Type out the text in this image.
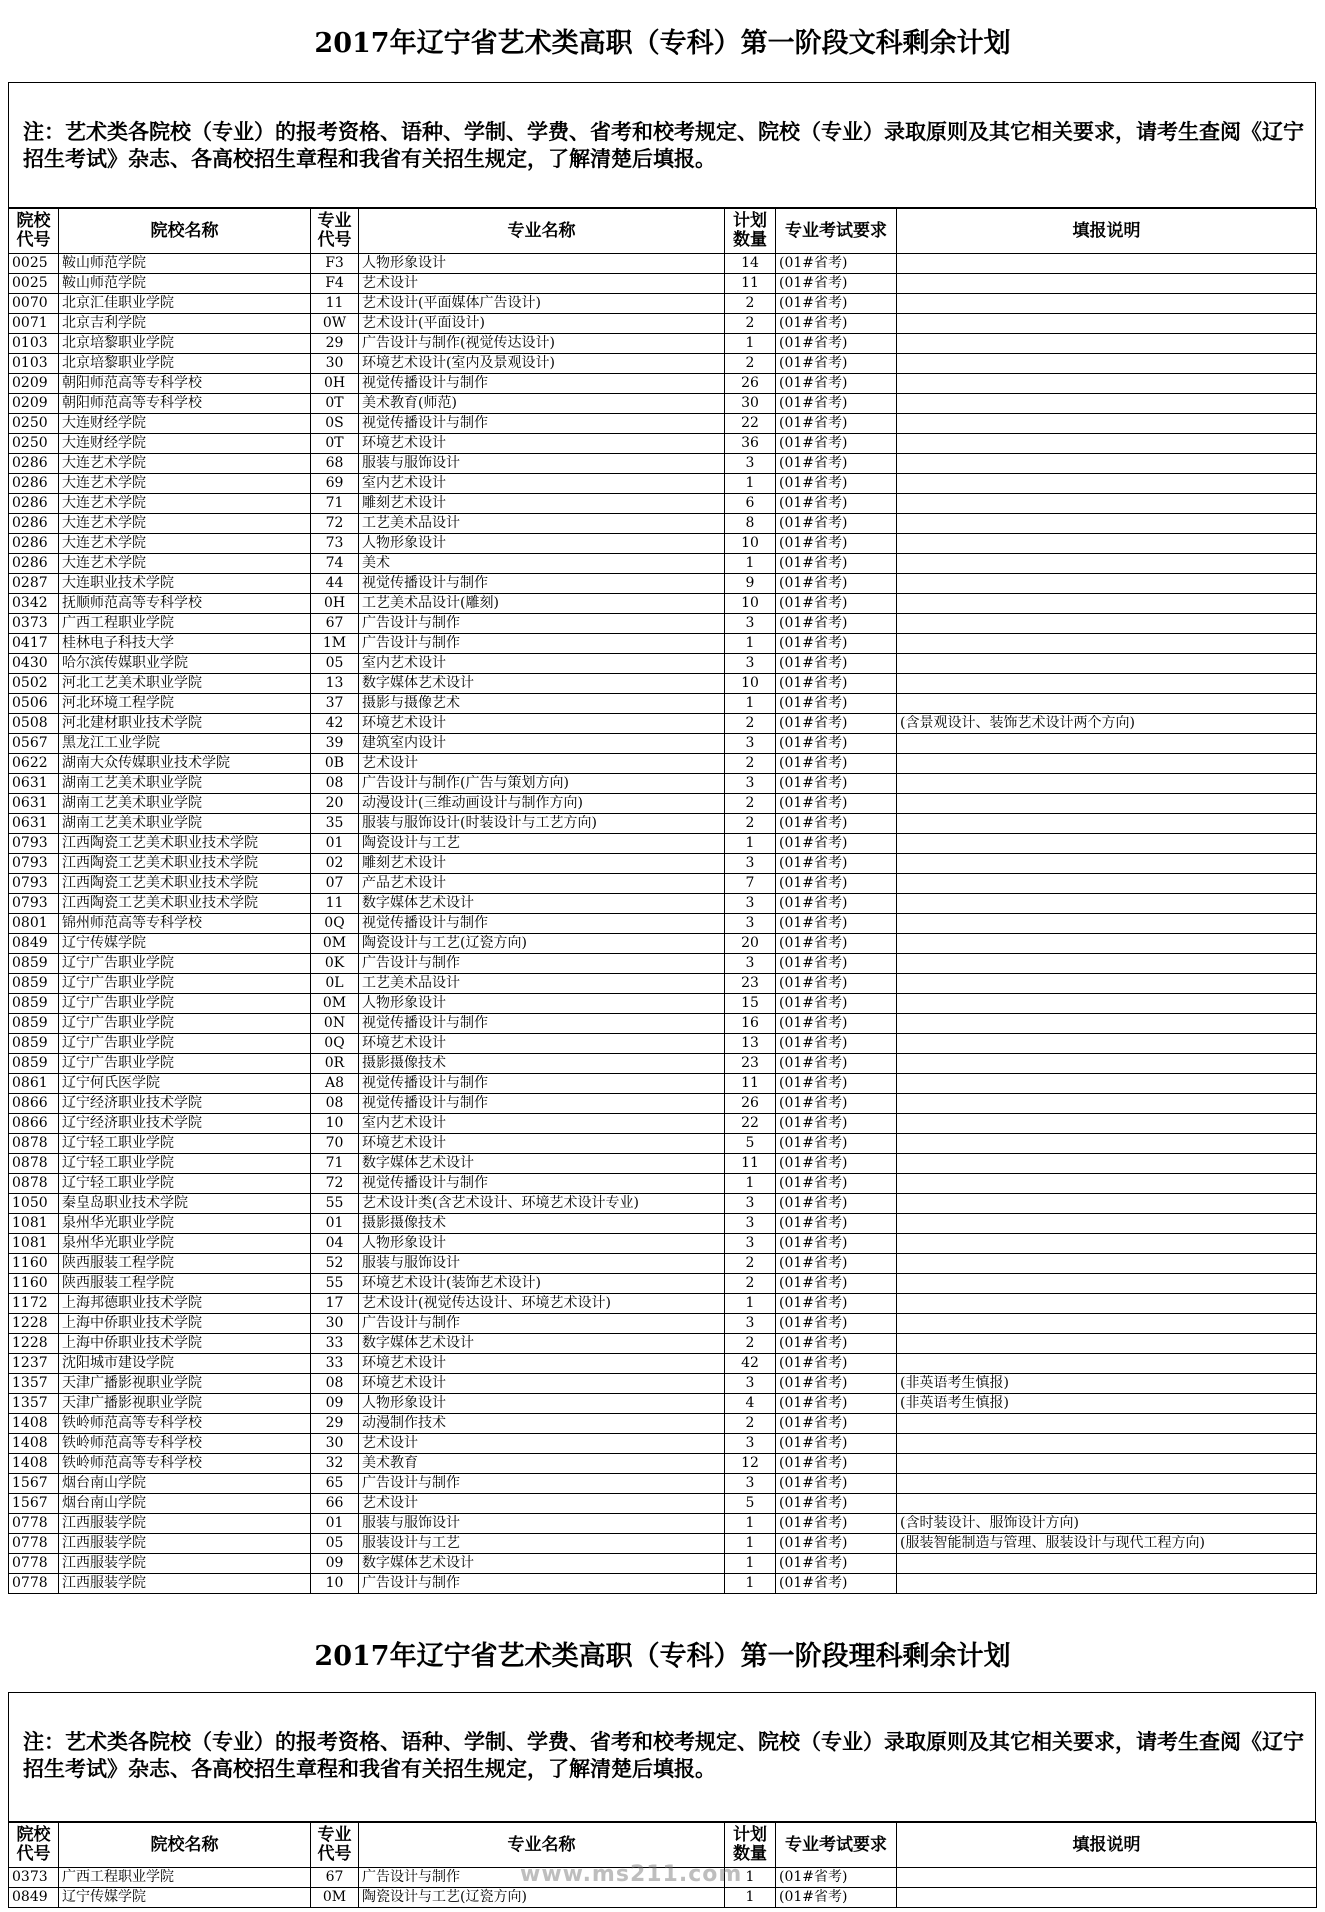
2017年辽宁省艺术类高职（专科）第一阶段文科剩余计划
注：艺术类各院校（专业）的报考资格、语种、学制、学费、省考和校考规定、院校（专业）录取原则及其它相关要求，请考生查阅《辽宁招生考试》杂志、各高校招生章程和我省有关招生规定，了解清楚后填报。
院校代号	院校名称	专业代号	专业名称	计划数量	专业考试要求	填报说明
0025	鞍山师范学院	F3	人物形象设计	14	(01#省考)	
0025	鞍山师范学院	F4	艺术设计	11	(01#省考)	
0070	北京汇佳职业学院	11	艺术设计(平面媒体广告设计)	2	(01#省考)	
0071	北京吉利学院	0W	艺术设计(平面设计)	2	(01#省考)	
0103	北京培黎职业学院	29	广告设计与制作(视觉传达设计)	1	(01#省考)	
0103	北京培黎职业学院	30	环境艺术设计(室内及景观设计)	2	(01#省考)	
0209	朝阳师范高等专科学校	0H	视觉传播设计与制作	26	(01#省考)	
0209	朝阳师范高等专科学校	0T	美术教育(师范)	30	(01#省考)	
0250	大连财经学院	0S	视觉传播设计与制作	22	(01#省考)	
0250	大连财经学院	0T	环境艺术设计	36	(01#省考)	
0286	大连艺术学院	68	服装与服饰设计	3	(01#省考)	
0286	大连艺术学院	69	室内艺术设计	1	(01#省考)	
0286	大连艺术学院	71	雕刻艺术设计	6	(01#省考)	
0286	大连艺术学院	72	工艺美术品设计	8	(01#省考)	
0286	大连艺术学院	73	人物形象设计	10	(01#省考)	
0286	大连艺术学院	74	美术	1	(01#省考)	
0287	大连职业技术学院	44	视觉传播设计与制作	9	(01#省考)	
0342	抚顺师范高等专科学校	0H	工艺美术品设计(雕刻)	10	(01#省考)	
0373	广西工程职业学院	67	广告设计与制作	3	(01#省考)	
0417	桂林电子科技大学	1M	广告设计与制作	1	(01#省考)	
0430	哈尔滨传媒职业学院	05	室内艺术设计	3	(01#省考)	
0502	河北工艺美术职业学院	13	数字媒体艺术设计	10	(01#省考)	
0506	河北环境工程学院	37	摄影与摄像艺术	1	(01#省考)	
0508	河北建材职业技术学院	42	环境艺术设计	2	(01#省考)	(含景观设计、装饰艺术设计两个方向)
0567	黑龙江工业学院	39	建筑室内设计	3	(01#省考)	
0622	湖南大众传媒职业技术学院	0B	艺术设计	2	(01#省考)	
0631	湖南工艺美术职业学院	08	广告设计与制作(广告与策划方向)	3	(01#省考)	
0631	湖南工艺美术职业学院	20	动漫设计(三维动画设计与制作方向)	2	(01#省考)	
0631	湖南工艺美术职业学院	35	服装与服饰设计(时装设计与工艺方向)	2	(01#省考)	
0793	江西陶瓷工艺美术职业技术学院	01	陶瓷设计与工艺	1	(01#省考)	
0793	江西陶瓷工艺美术职业技术学院	02	雕刻艺术设计	3	(01#省考)	
0793	江西陶瓷工艺美术职业技术学院	07	产品艺术设计	7	(01#省考)	
0793	江西陶瓷工艺美术职业技术学院	11	数字媒体艺术设计	3	(01#省考)	
0801	锦州师范高等专科学校	0Q	视觉传播设计与制作	3	(01#省考)	
0849	辽宁传媒学院	0M	陶瓷设计与工艺(辽瓷方向)	20	(01#省考)	
0859	辽宁广告职业学院	0K	广告设计与制作	3	(01#省考)	
0859	辽宁广告职业学院	0L	工艺美术品设计	23	(01#省考)	
0859	辽宁广告职业学院	0M	人物形象设计	15	(01#省考)	
0859	辽宁广告职业学院	0N	视觉传播设计与制作	16	(01#省考)	
0859	辽宁广告职业学院	0Q	环境艺术设计	13	(01#省考)	
0859	辽宁广告职业学院	0R	摄影摄像技术	23	(01#省考)	
0861	辽宁何氏医学院	A8	视觉传播设计与制作	11	(01#省考)	
0866	辽宁经济职业技术学院	08	视觉传播设计与制作	26	(01#省考)	
0866	辽宁经济职业技术学院	10	室内艺术设计	22	(01#省考)	
0878	辽宁轻工职业学院	70	环境艺术设计	5	(01#省考)	
0878	辽宁轻工职业学院	71	数字媒体艺术设计	11	(01#省考)	
0878	辽宁轻工职业学院	72	视觉传播设计与制作	1	(01#省考)	
1050	秦皇岛职业技术学院	55	艺术设计类(含艺术设计、环境艺术设计专业)	3	(01#省考)	
1081	泉州华光职业学院	01	摄影摄像技术	3	(01#省考)	
1081	泉州华光职业学院	04	人物形象设计	3	(01#省考)	
1160	陕西服装工程学院	52	服装与服饰设计	2	(01#省考)	
1160	陕西服装工程学院	55	环境艺术设计(装饰艺术设计)	2	(01#省考)	
1172	上海邦德职业技术学院	17	艺术设计(视觉传达设计、环境艺术设计)	1	(01#省考)	
1228	上海中侨职业技术学院	30	广告设计与制作	3	(01#省考)	
1228	上海中侨职业技术学院	33	数字媒体艺术设计	2	(01#省考)	
1237	沈阳城市建设学院	33	环境艺术设计	42	(01#省考)	
1357	天津广播影视职业学院	08	环境艺术设计	3	(01#省考)	(非英语考生慎报)
1357	天津广播影视职业学院	09	人物形象设计	4	(01#省考)	(非英语考生慎报)
1408	铁岭师范高等专科学校	29	动漫制作技术	2	(01#省考)	
1408	铁岭师范高等专科学校	30	艺术设计	3	(01#省考)	
1408	铁岭师范高等专科学校	32	美术教育	12	(01#省考)	
1567	烟台南山学院	65	广告设计与制作	3	(01#省考)	
1567	烟台南山学院	66	艺术设计	5	(01#省考)	
0778	江西服装学院	01	服装与服饰设计	1	(01#省考)	(含时装设计、服饰设计方向)
0778	江西服装学院	05	服装设计与工艺	1	(01#省考)	(服装智能制造与管理、服装设计与现代工程方向)
0778	江西服装学院	09	数字媒体艺术设计	1	(01#省考)	
0778	江西服装学院	10	广告设计与制作	1	(01#省考)	
2017年辽宁省艺术类高职（专科）第一阶段理科剩余计划
注：艺术类各院校（专业）的报考资格、语种、学制、学费、省考和校考规定、院校（专业）录取原则及其它相关要求，请考生查阅《辽宁招生考试》杂志、各高校招生章程和我省有关招生规定，了解清楚后填报。
院校代号	院校名称	专业代号	专业名称	计划数量	专业考试要求	填报说明
0373	广西工程职业学院	67	广告设计与制作	1	(01#省考)	
0849	辽宁传媒学院	0M	陶瓷设计与工艺(辽瓷方向)	1	(01#省考)	
www.ms211.com
